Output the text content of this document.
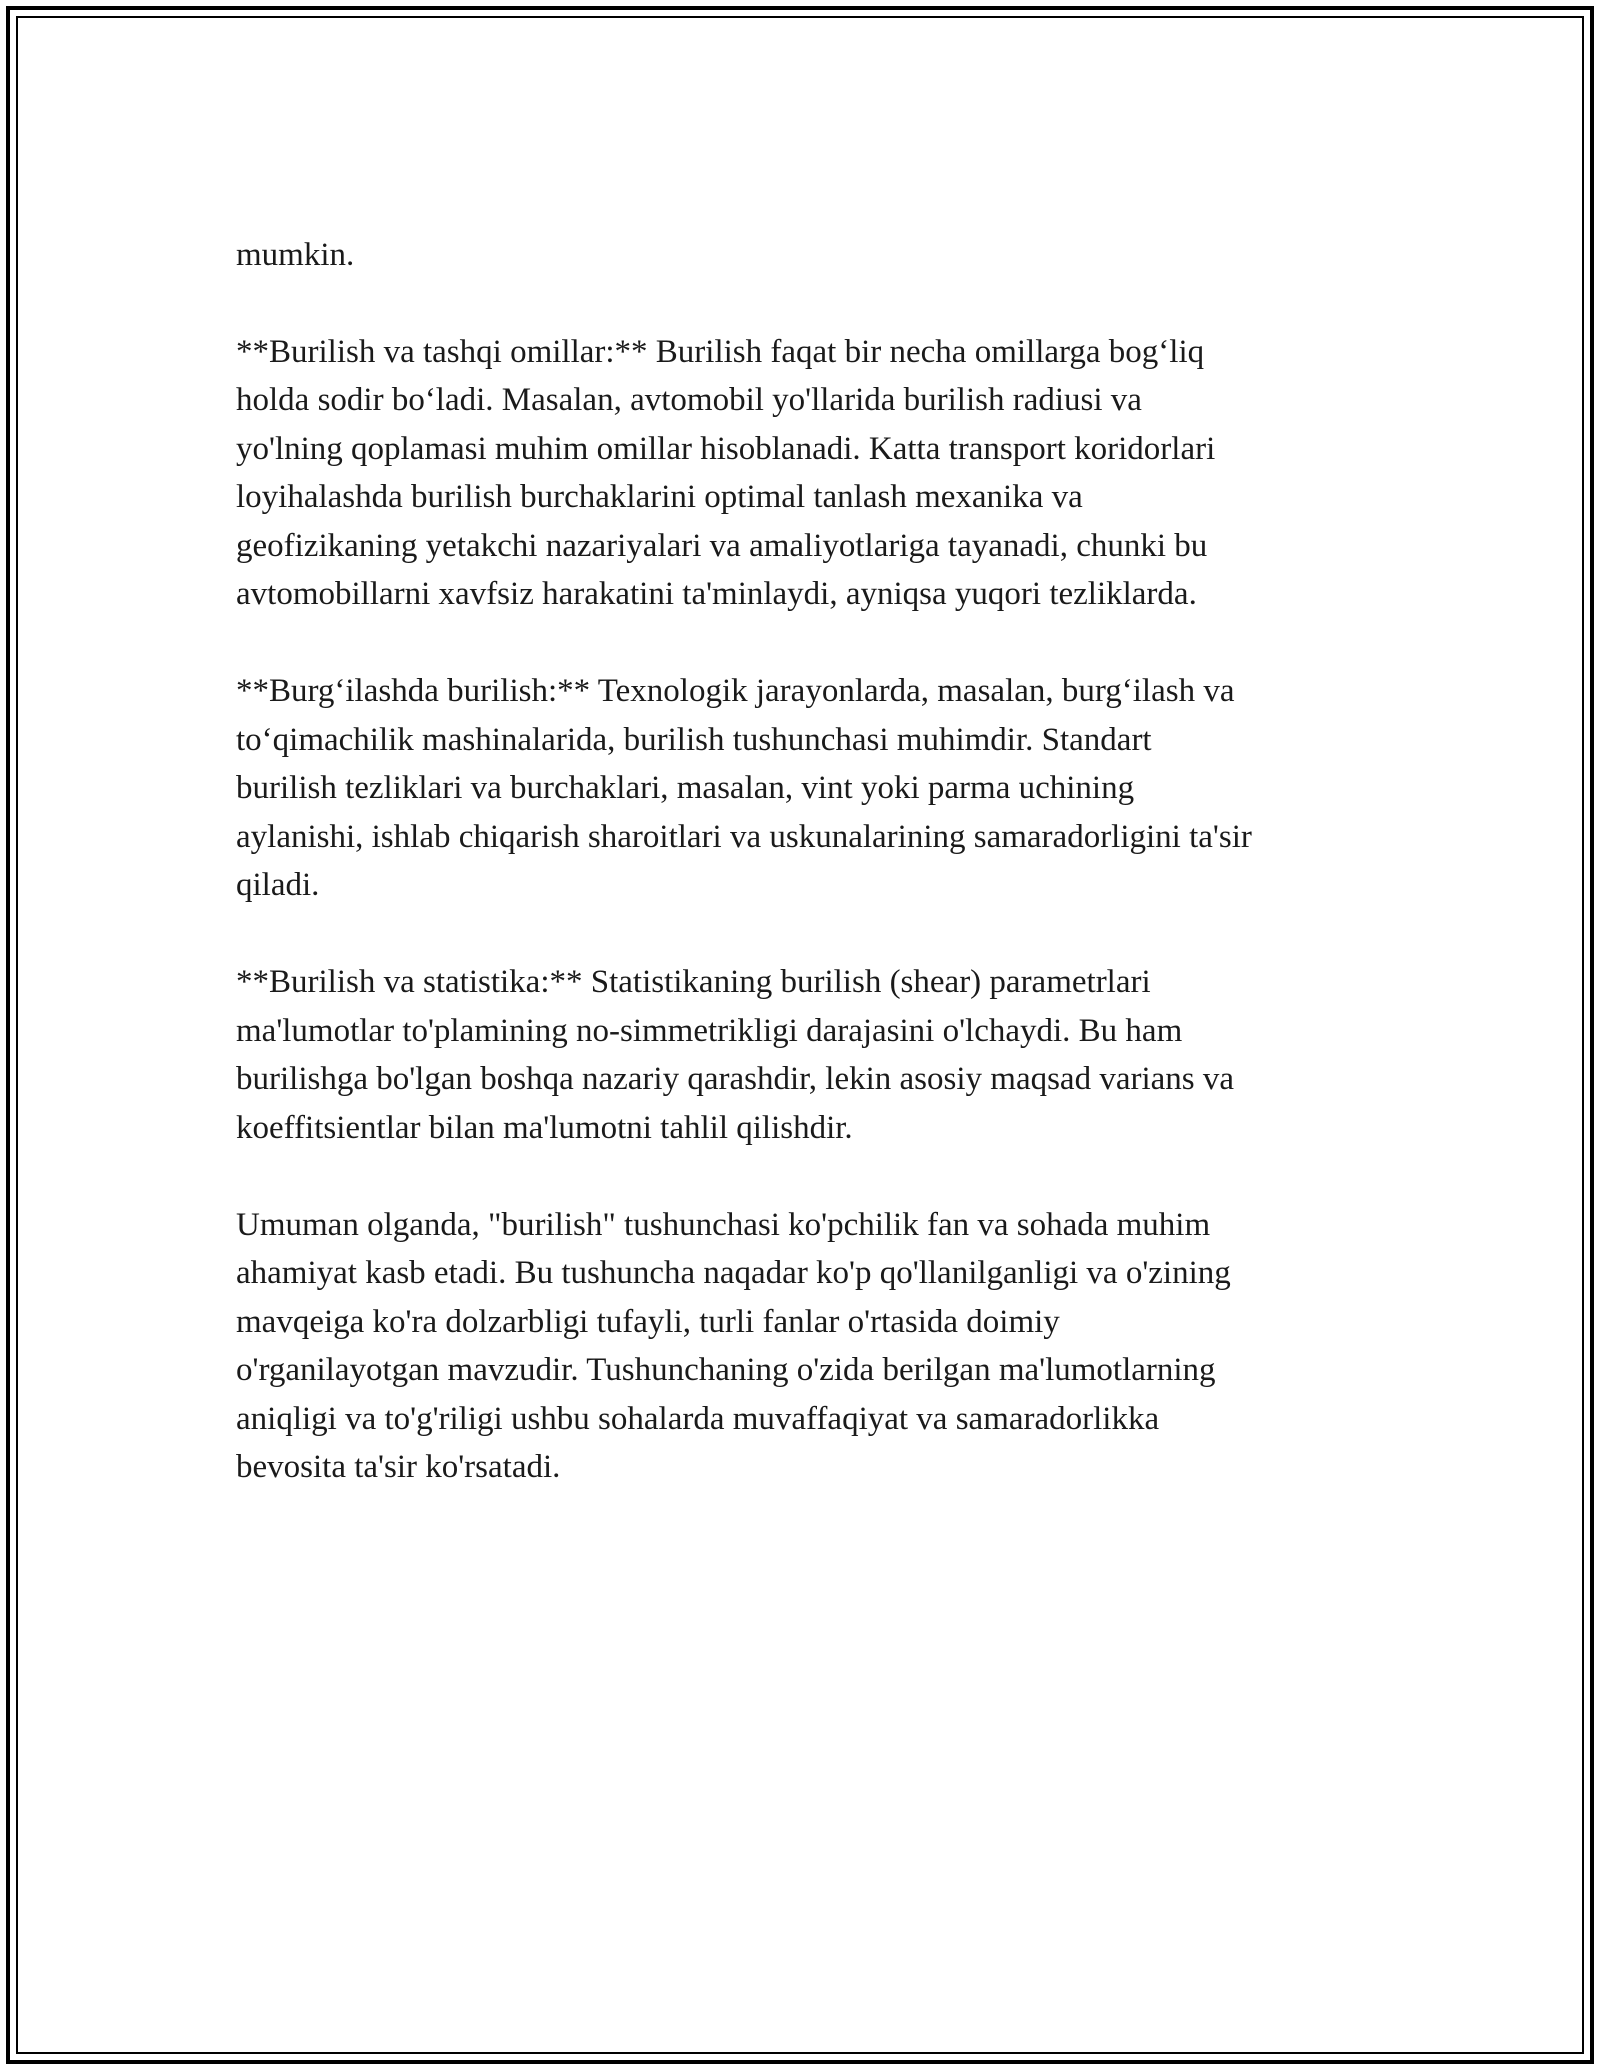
mumkin.

**Burilish va tashqi omillar:** Burilish faqat bir necha omillarga bog‘liq
holda sodir bo‘ladi. Masalan, avtomobil yo'llarida burilish radiusi va
yo'lning qoplamasi muhim omillar hisoblanadi. Katta transport koridorlari
loyihalashda burilish burchaklarini optimal tanlash mexanika va
geofizikaning yetakchi nazariyalari va amaliyotlariga tayanadi, chunki bu
avtomobillarni xavfsiz harakatini ta'minlaydi, ayniqsa yuqori tezliklarda.

**Burg‘ilashda burilish:** Texnologik jarayonlarda, masalan, burg‘ilash va
to‘qimachilik mashinalarida, burilish tushunchasi muhimdir. Standart
burilish tezliklari va burchaklari, masalan, vint yoki parma uchining
aylanishi, ishlab chiqarish sharoitlari va uskunalarining samaradorligini ta'sir
qiladi.

**Burilish va statistika:** Statistikaning burilish (shear) parametrlari
ma'lumotlar to'plamining no-simmetrikligi darajasini o'lchaydi. Bu ham
burilishga bo'lgan boshqa nazariy qarashdir, lekin asosiy maqsad varians va
koeffitsientlar bilan ma'lumotni tahlil qilishdir.

Umuman olganda, "burilish" tushunchasi ko'pchilik fan va sohada muhim
ahamiyat kasb etadi. Bu tushuncha naqadar ko'p qo'llanilganligi va o'zining
mavqeiga ko'ra dolzarbligi tufayli, turli fanlar o'rtasida doimiy
o'rganilayotgan mavzudir. Tushunchaning o'zida berilgan ma'lumotlarning
aniqligi va to'g'riligi ushbu sohalarda muvaffaqiyat va samaradorlikka
bevosita ta'sir ko'rsatadi.
